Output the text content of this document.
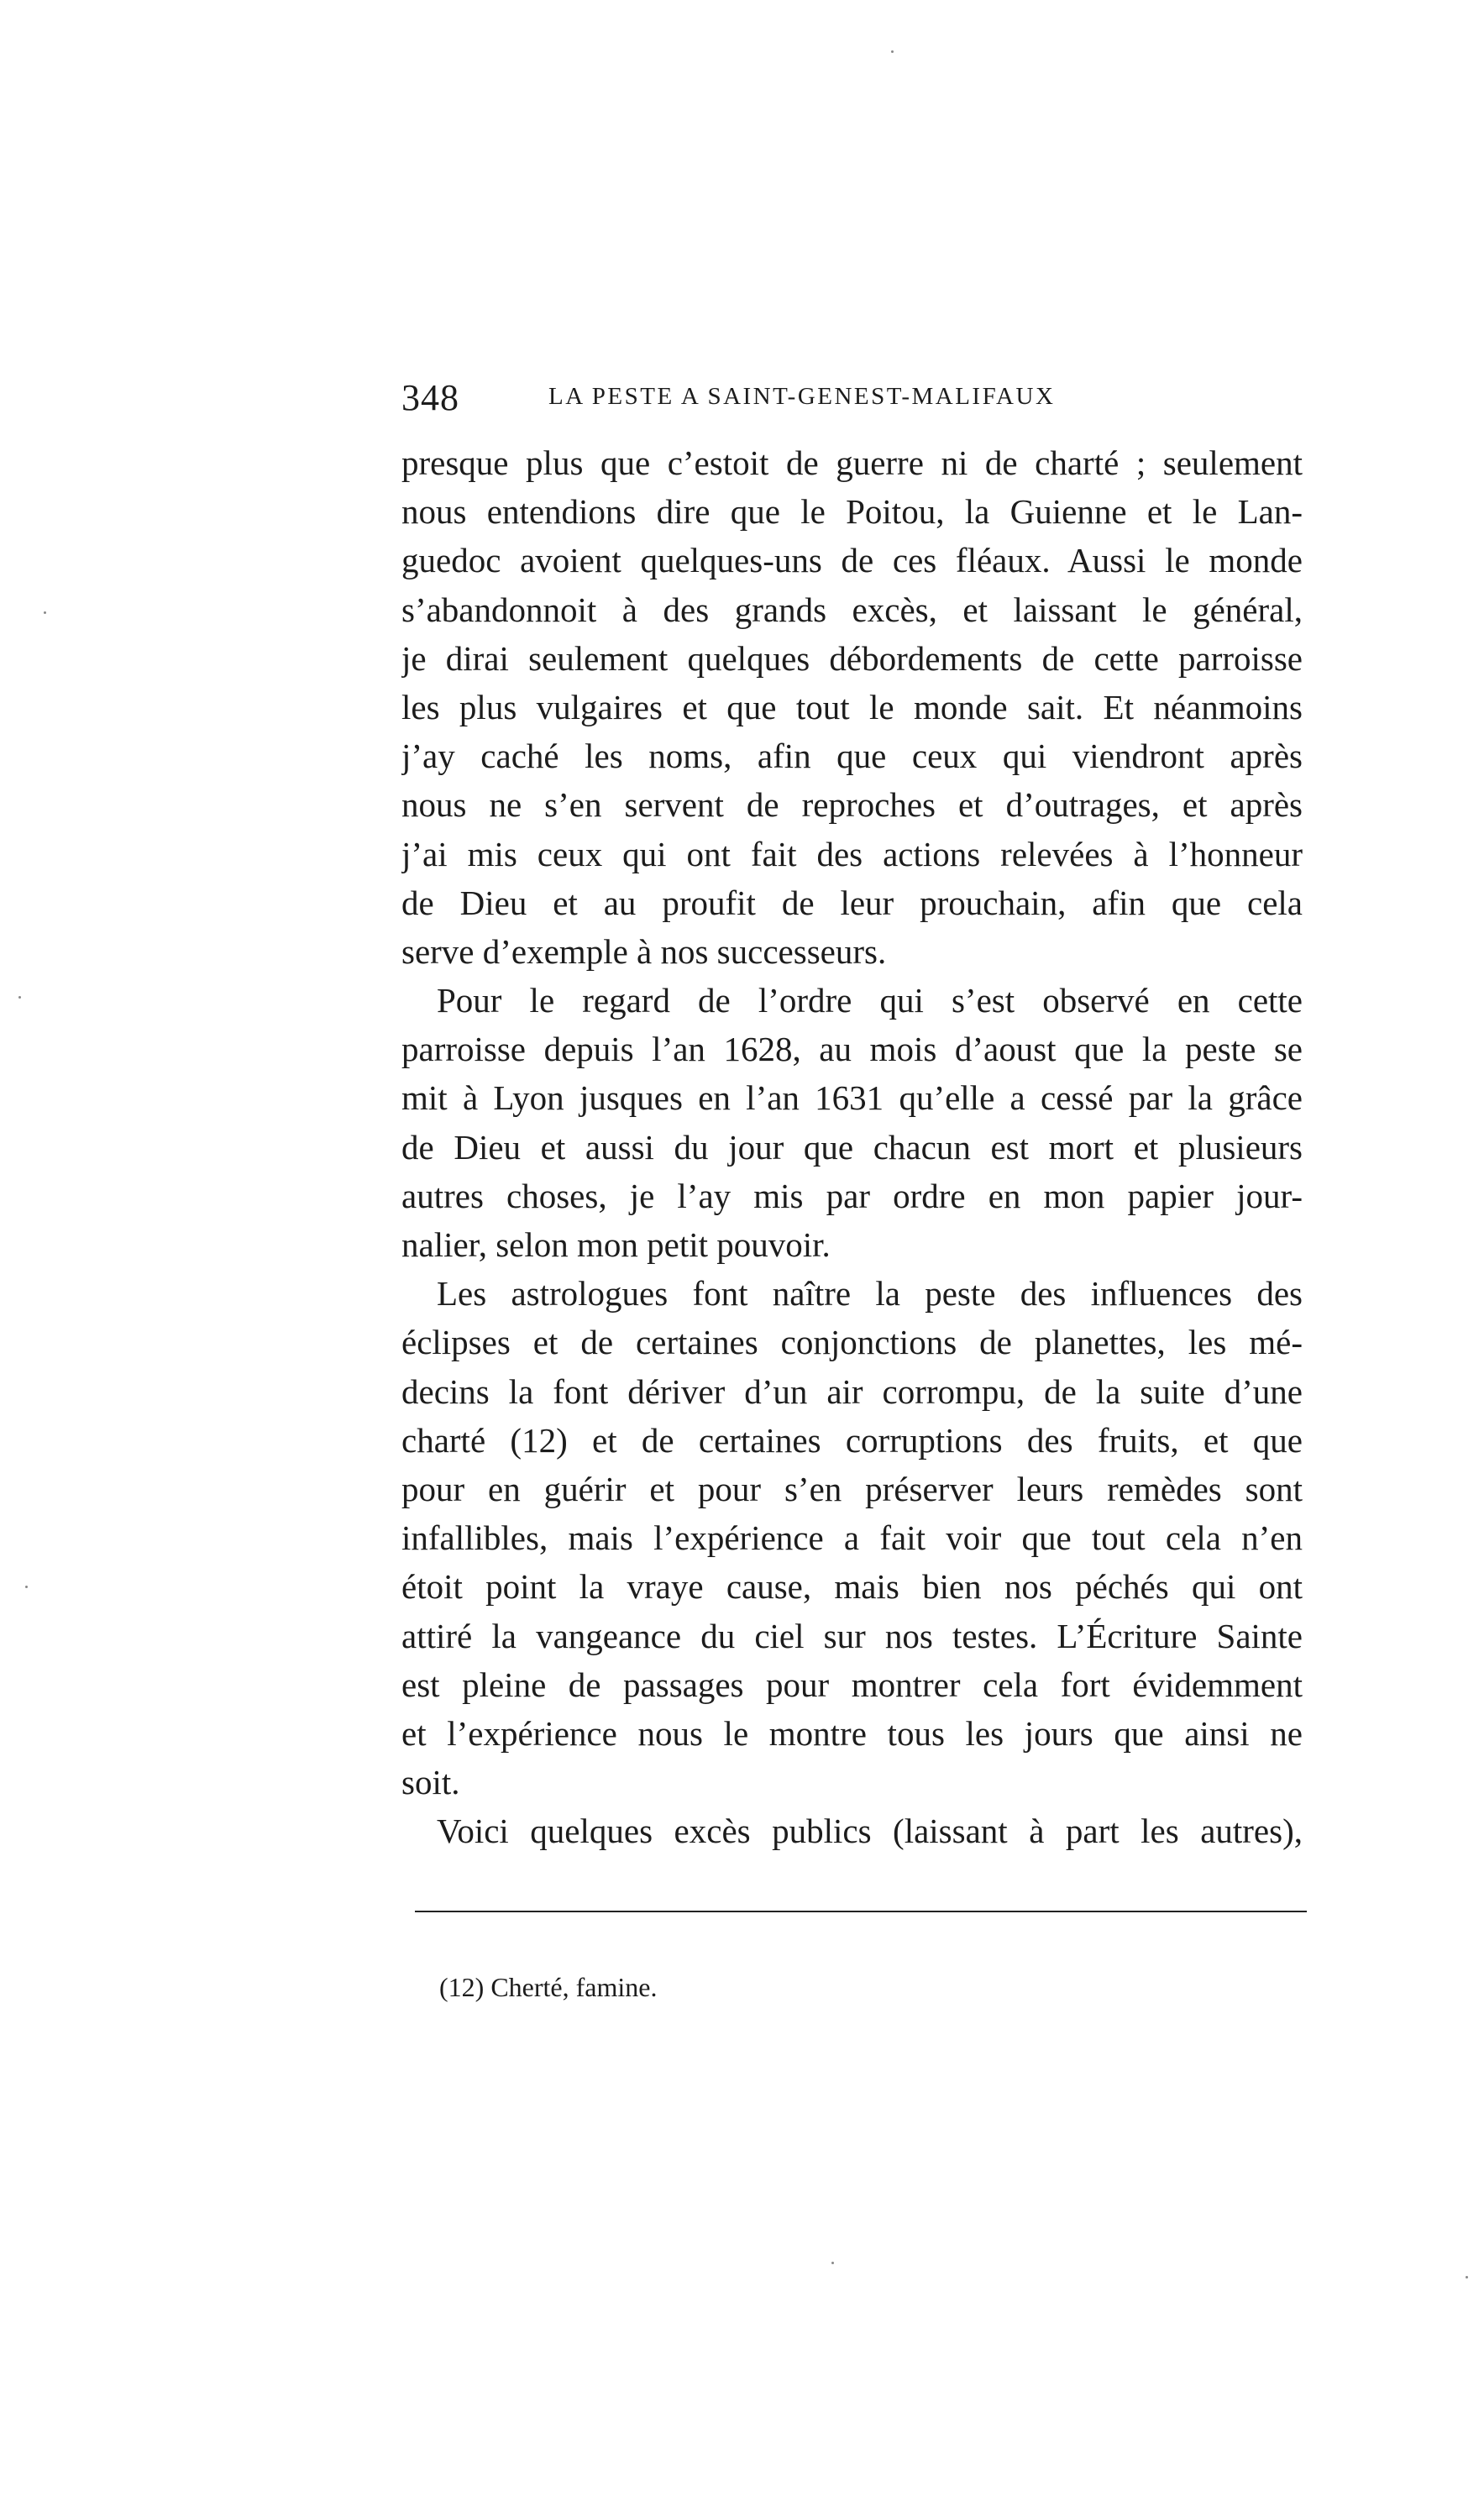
348	LA PESTE A SAINT-GENEST-MALIFAUX
presque plus que c’estoit de guerre ni de charté ; seulement
nous entendions dire que le Poitou, la Guienne et le Lan-
guedoc avoient quelques-uns de ces fléaux. Aussi le monde
s’abandonnoit à des grands excès, et laissant le général,
je dirai seulement quelques débordements de cette parroisse
les plus vulgaires et que tout le monde sait. Et néanmoins
j’ay caché les noms, afin que ceux qui viendront après
nous ne s’en servent de reproches et d’outrages, et après
j’ai mis ceux qui ont fait des actions relevées à l’honneur
de Dieu et au proufit de leur prouchain, afin que cela
serve d’exemple à nos successeurs.
Pour le regard de l’ordre qui s’est observé en cette
parroisse depuis l’an 1628, au mois d’aoust que la peste se
mit à Lyon jusques en l’an 1631 qu’elle a cessé par la grâce
de Dieu et aussi du jour que chacun est mort et plusieurs
autres choses, je l’ay mis par ordre en mon papier jour-
nalier, selon mon petit pouvoir.
Les astrologues font naître la peste des influences des
éclipses et de certaines conjonctions de planettes, les mé-
decins la font dériver d’un air corrompu, de la suite d’une
charté (12) et de certaines corruptions des fruits, et que
pour en guérir et pour s’en préserver leurs remèdes sont
infallibles, mais l’expérience a fait voir que tout cela n’en
étoit point la vraye cause, mais bien nos péchés qui ont
attiré la vangeance du ciel sur nos testes. L’Écriture Sainte
est pleine de passages pour montrer cela fort évidemment
et l’expérience nous le montre tous les jours que ainsi ne
soit.
Voici quelques excès publics (laissant à part les autres),
(12) Cherté, famine.
